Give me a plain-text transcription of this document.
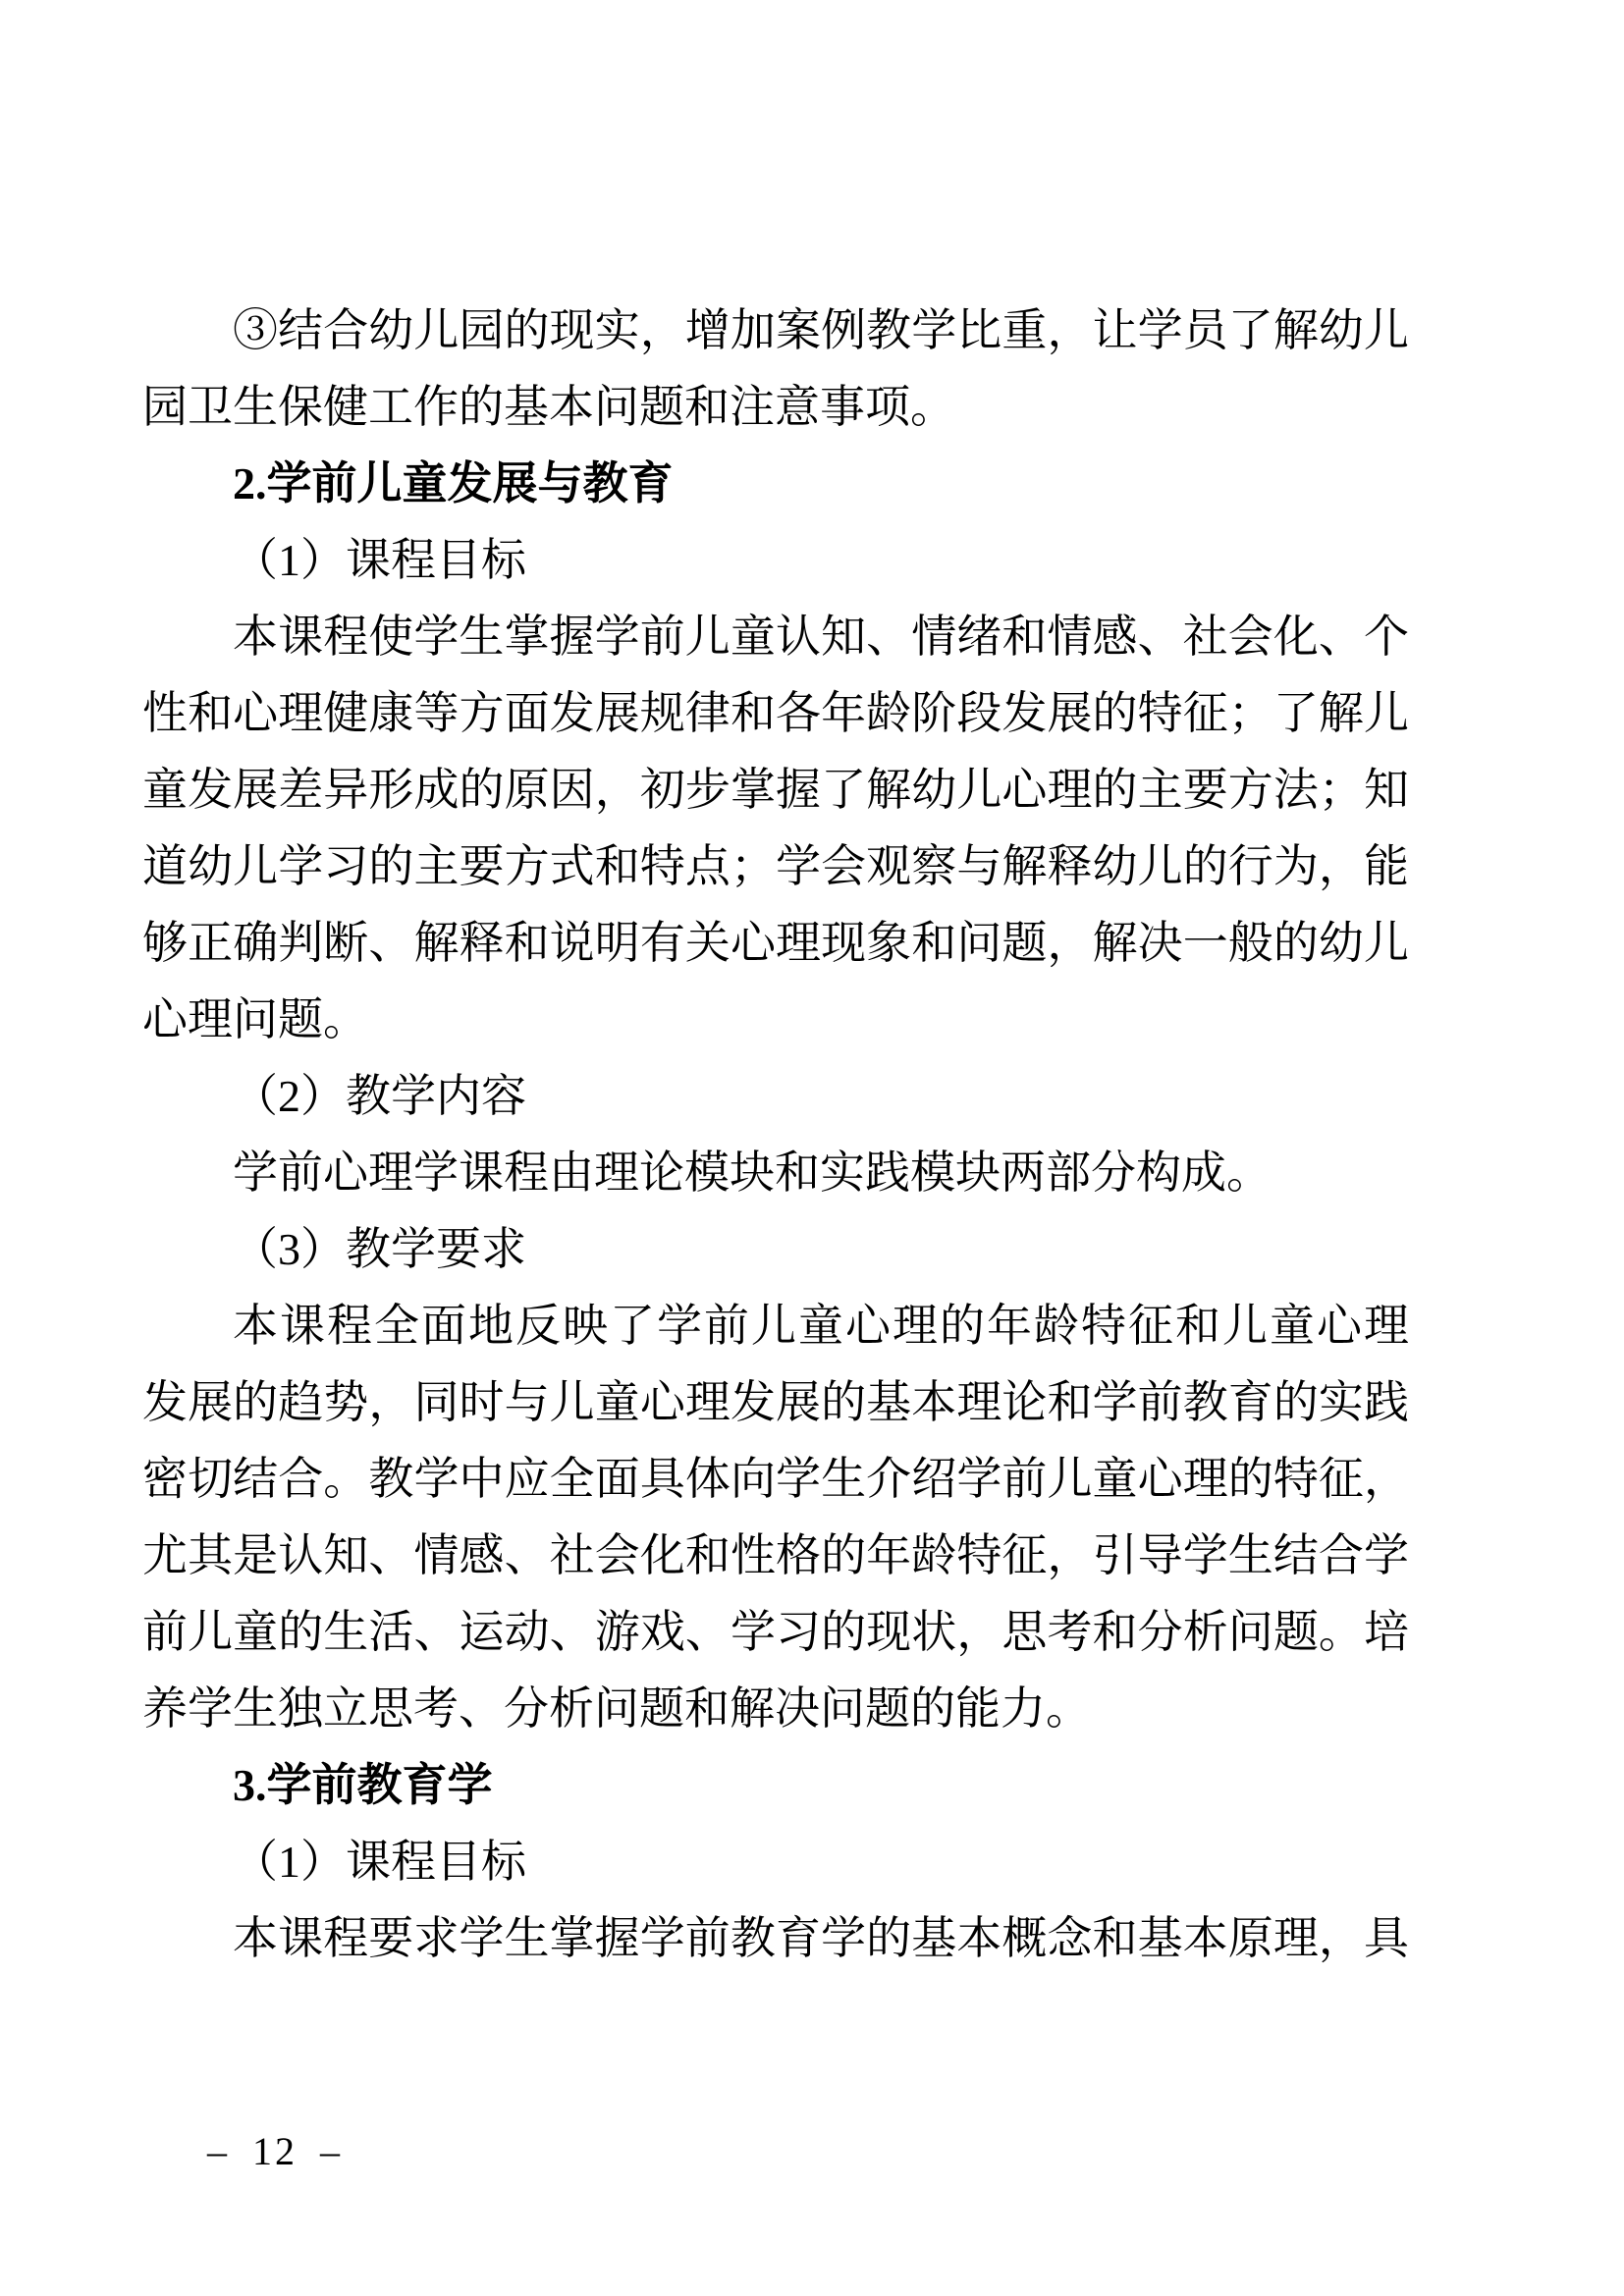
③结合幼儿园的现实，增加案例教学比重，让学员了解幼儿
园卫生保健工作的基本问题和注意事项。
2.学前儿童发展与教育
（1）课程目标
本课程使学生掌握学前儿童认知、情绪和情感、社会化、个
性和心理健康等方面发展规律和各年龄阶段发展的特征；了解儿
童发展差异形成的原因，初步掌握了解幼儿心理的主要方法；知
道幼儿学习的主要方式和特点；学会观察与解释幼儿的行为，能
够正确判断、解释和说明有关心理现象和问题，解决一般的幼儿
心理问题。
（2）教学内容
学前心理学课程由理论模块和实践模块两部分构成。
（3）教学要求
本课程全面地反映了学前儿童心理的年龄特征和儿童心理
发展的趋势，同时与儿童心理发展的基本理论和学前教育的实践
密切结合。教学中应全面具体向学生介绍学前儿童心理的特征，
尤其是认知、情感、社会化和性格的年龄特征，引导学生结合学
前儿童的生活、运动、游戏、学习的现状，思考和分析问题。培
养学生独立思考、分析问题和解决问题的能力。
3.学前教育学
（1）课程目标
本课程要求学生掌握学前教育学的基本概念和基本原理，具
– 12 –
